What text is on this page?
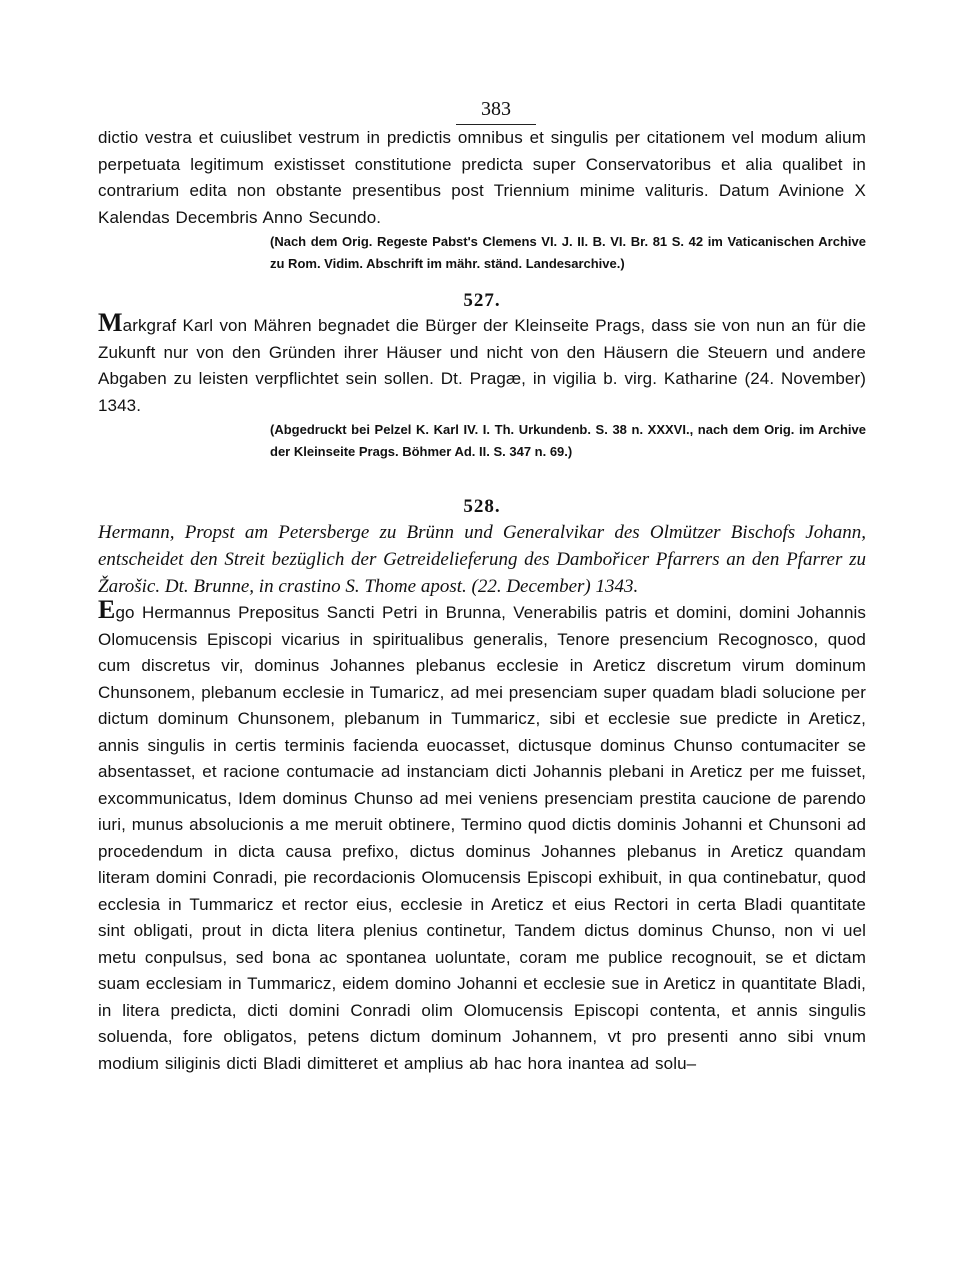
383

dictio vestra et cuiuslibet vestrum in predictis omnibus et singulis per citationem vel modum alium perpetuata legitimum existisset constitutione predicta super Conservatoribus et alia qualibet in contrarium edita non obstante presentibus post Triennium minime valituris. Datum Avinione X Kalendas Decembris Anno Secundo.

(Nach dem Orig. Regeste Pabst's Clemens VI. J. II. B. VI. Br. 81 S. 42 im Vaticanischen Archive zu Rom. Vidim. Abschrift im mähr. ständ. Landesarchive.)

527.

Markgraf Karl von Mähren begnadet die Bürger der Kleinseite Prags, dass sie von nun an für die Zukunft nur von den Gründen ihrer Häuser und nicht von den Häusern die Steuern und andere Abgaben zu leisten verpflichtet sein sollen. Dt. Pragæ, in vigilia b. virg. Katharine (24. November) 1343.

(Abgedruckt bei Pelzel K. Karl IV. I. Th. Urkundenb. S. 38 n. XXXVI., nach dem Orig. im Archive der Kleinseite Prags. Böhmer Ad. II. S. 347 n. 69.)

528.

Hermann, Propst am Petersberge zu Brünn und Generalvikar des Olmützer Bischofs Johann, entscheidet den Streit bezüglich der Getreidelieferung des Dambořicer Pfarrers an den Pfarrer zu Žarošic. Dt. Brunne, in crastino S. Thome apost. (22. December) 1343.

Ego Hermannus Prepositus Sancti Petri in Brunna, Venerabilis patris et domini, domini Johannis Olomucensis Episcopi vicarius in spiritualibus generalis, Tenore presencium Recognosco, quod cum discretus vir, dominus Johannes plebanus ecclesie in Areticz discretum virum dominum Chunsonem, plebanum ecclesie in Tumaricz, ad mei presenciam super quadam bladi solucione per dictum dominum Chunsonem, plebanum in Tummaricz, sibi et ecclesie sue predicte in Areticz, annis singulis in certis terminis facienda euocasset, dictusque dominus Chunso contumaciter se absentasset, et racione contumacie ad instanciam dicti Johannis plebani in Areticz per me fuisset, excommunicatus, Idem dominus Chunso ad mei veniens presenciam prestita caucione de parendo iuri, munus absolucionis a me meruit obtinere, Termino quod dictis dominis Johanni et Chunsoni ad procedendum in dicta causa prefixo, dictus dominus Johannes plebanus in Areticz quandam literam domini Conradi, pie recordacionis Olomucensis Episcopi exhibuit, in qua continebatur, quod ecclesia in Tummaricz et rector eius, ecclesie in Areticz et eius Rectori in certa Bladi quantitate sint obligati, prout in dicta litera plenius continetur, Tandem dictus dominus Chunso, non vi uel metu conpulsus, sed bona ac spontanea uoluntate, coram me publice recognouit, se et dictam suam ecclesiam in Tummaricz, eidem domino Johanni et ecclesie sue in Areticz in quantitate Bladi, in litera predicta, dicti domini Conradi olim Olomucensis Episcopi contenta, et annis singulis soluenda, fore obligatos, petens dictum dominum Johannem, vt pro presenti anno sibi vnum modium siliginis dicti Bladi dimitteret et amplius ab hac hora inantea ad solu–
